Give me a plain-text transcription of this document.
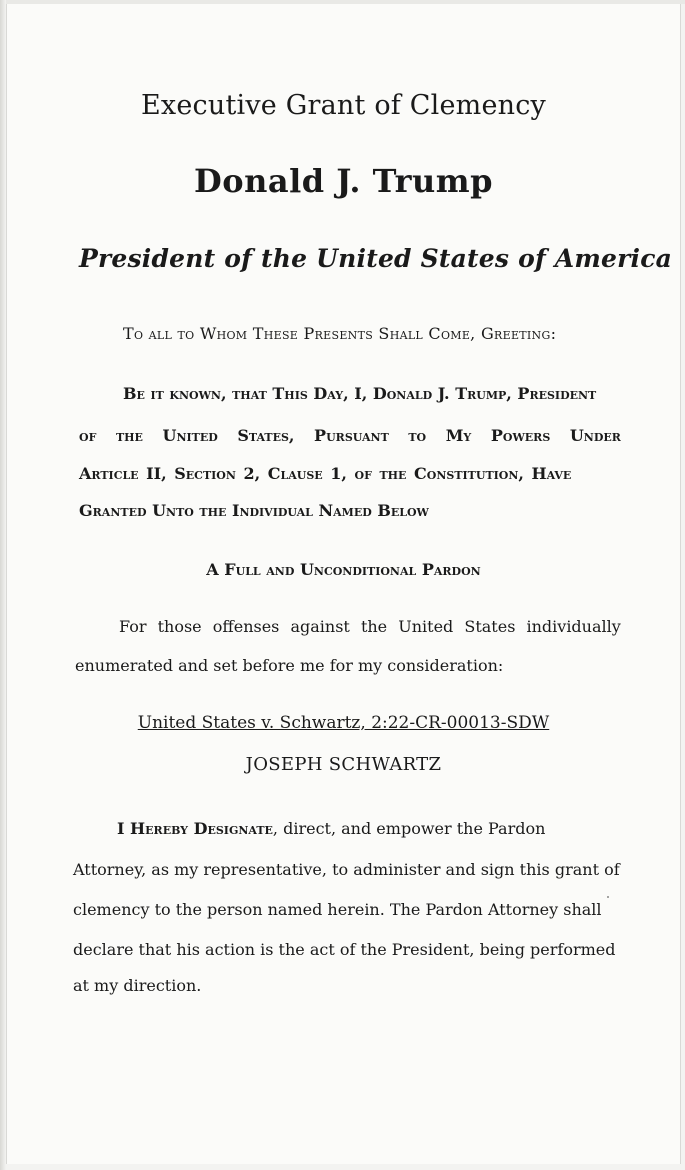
Executive Grant of Clemency

Donald J. Trump

President of the United States of America

To all to Whom These Presents Shall Come, Greeting:

Be it known, that This Day, I, Donald J. Trump, President

of the United States, Pursuant to My Powers Under

Article II, Section 2, Clause 1, of the Constitution, Have

Granted Unto the Individual Named Below

A Full and Unconditional Pardon

For those offenses against the United States individually

enumerated and set before me for my consideration:

United States v. Schwartz, 2:22-CR-00013-SDW

JOSEPH SCHWARTZ

I Hereby Designate, direct, and empower the Pardon

Attorney, as my representative, to administer and sign this grant of

clemency to the person named herein. The Pardon Attorney shall

declare that his action is the act of the President, being performed

at my direction.
